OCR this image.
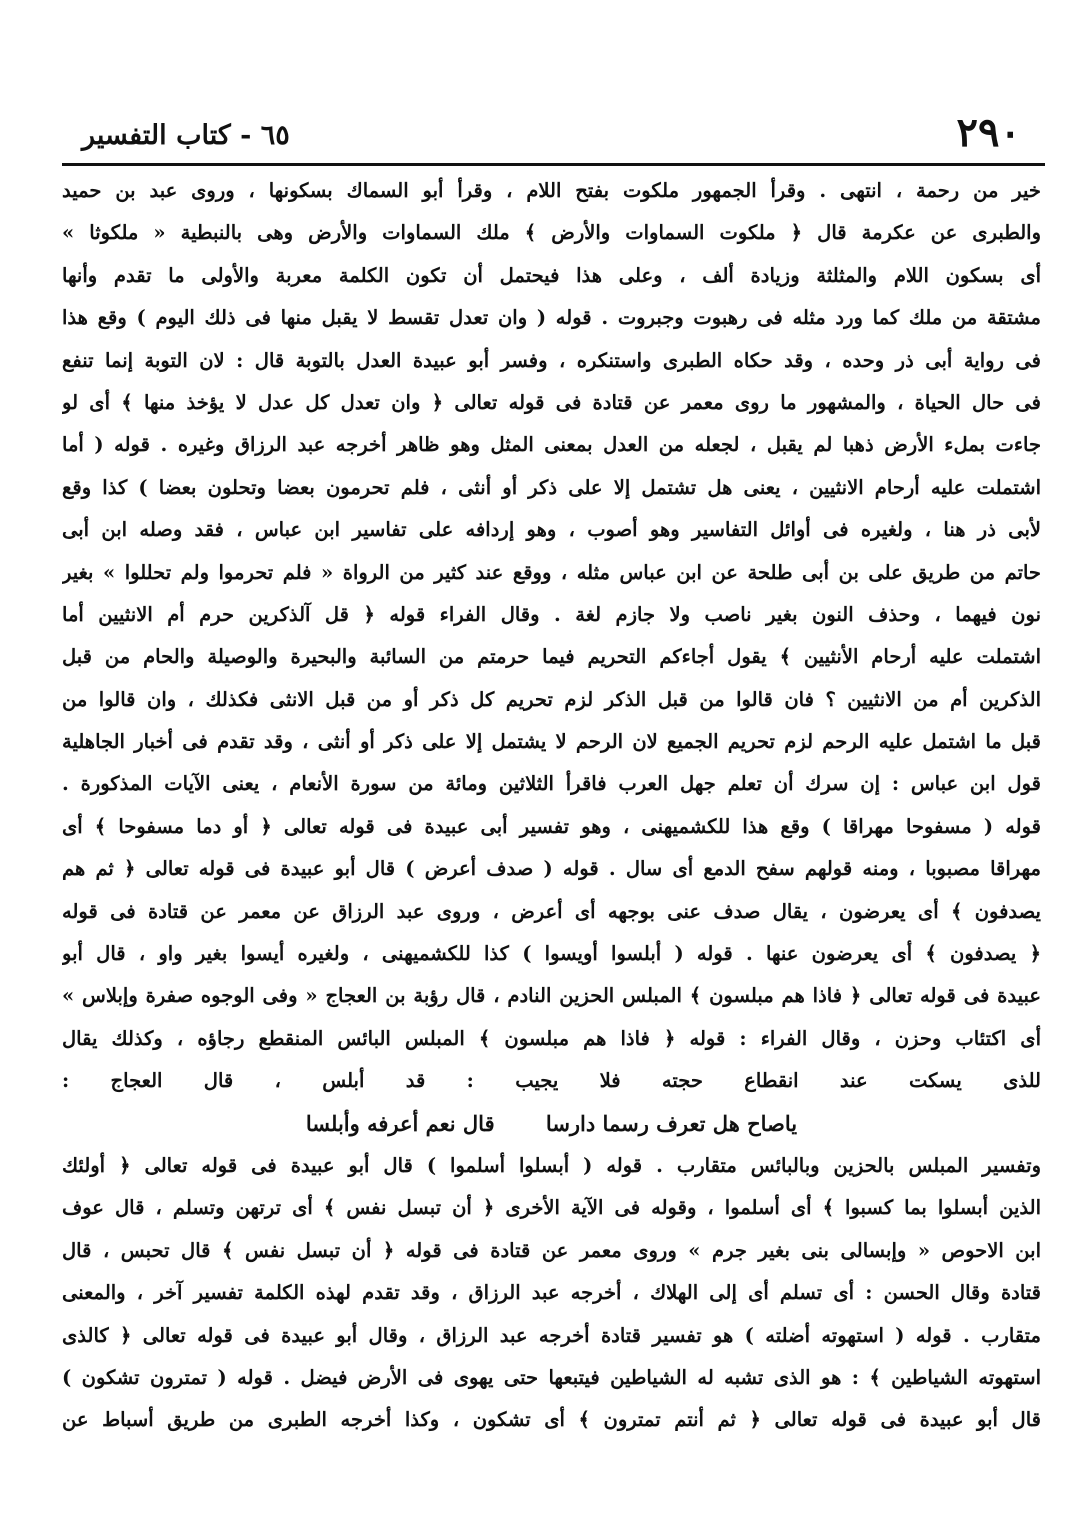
٢٩٠
٦٥ - كتاب التفسير
خير من رحمة ، انتهى . وقرأ الجمهور ملكوت بفتح اللام ، وقرأ أبو السماك بسكونها ، وروى عبد بن حميد
والطبرى عن عكرمة قال ﴿ ملكوت السماوات والأرض ﴾ ملك السماوات والأرض وهى بالنبطية « ملكوثا »
أى بسكون اللام والمثلثة وزيادة ألف ، وعلى هذا فيحتمل أن تكون الكلمة معربة والأولى ما تقدم وأنها
مشتقة من ملك كما ورد مثله فى رهبوت وجبروت . قوله ( وان تعدل تقسط لا يقبل منها فى ذلك اليوم ) وقع هذا
فى رواية أبى ذر وحده ، وقد حكاه الطبرى واستنكره ، وفسر أبو عبيدة العدل بالتوبة قال : لان التوبة إنما تنفع
فى حال الحياة ، والمشهور ما روى معمر عن قتادة فى قوله تعالى ﴿ وان تعدل كل عدل لا يؤخذ منها ﴾ أى لو
جاءت بملء الأرض ذهبا لم يقبل ، لجعله من العدل بمعنى المثل وهو ظاهر أخرجه عبد الرزاق وغيره . قوله ( أما
اشتملت عليه أرحام الانثيين ، يعنى هل تشتمل إلا على ذكر أو أنثى ، فلم تحرمون بعضا وتحلون بعضا ) كذا وقع
لأبى ذر هنا ، ولغيره فى أوائل التفاسير وهو أصوب ، وهو إردافه على تفاسير ابن عباس ، فقد وصله ابن أبى
حاتم من طريق على بن أبى طلحة عن ابن عباس مثله ، ووقع عند كثير من الرواة « فلم تحرموا ولم تحللوا » بغير
نون فيهما ، وحذف النون بغير ناصب ولا جازم لغة . وقال الفراء قوله ﴿ قل آلذكرين حرم أم الانثيين أما
اشتملت عليه أرحام الأنثيين ﴾ يقول أجاءكم التحريم فيما حرمتم من السائبة والبحيرة والوصيلة والحام من قبل
الذكرين أم من الانثيين ؟ فان قالوا من قبل الذكر لزم تحريم كل ذكر أو من قبل الانثى فكذلك ، وان قالوا من
قبل ما اشتمل عليه الرحم لزم تحريم الجميع لان الرحم لا يشتمل إلا على ذكر أو أنثى ، وقد تقدم فى أخبار الجاهلية
قول ابن عباس : إن سرك أن تعلم جهل العرب فاقرأ الثلاثين ومائة من سورة الأنعام ، يعنى الآيات المذكورة .
قوله ( مسفوحا مهراقا ) وقع هذا للكشميهنى ، وهو تفسير أبى عبيدة فى قوله تعالى ﴿ أو دما مسفوحا ﴾ أى
مهراقا مصبوبا ، ومنه قولهم سفح الدمع أى سال . قوله ( صدف أعرض ) قال أبو عبيدة فى قوله تعالى ﴿ ثم هم
يصدفون ﴾ أى يعرضون ، يقال صدف عنى بوجهه أى أعرض ، وروى عبد الرزاق عن معمر عن قتادة فى قوله
﴿ يصدفون ﴾ أى يعرضون عنها . قوله ( أبلسوا أويسوا ) كذا للكشميهنى ، ولغيره أيسوا بغير واو ، قال أبو
عبيدة فى قوله تعالى ﴿ فاذا هم مبلسون ﴾ المبلس الحزين النادم ، قال رؤبة بن العجاج « وفى الوجوه صفرة وإبلاس »
أى اكتئاب وحزن ، وقال الفراء : قوله ﴿ فاذا هم مبلسون ﴾ المبلس البائس المنقطع رجاؤه ، وكذلك يقال
للذى يسكت عند انقطاع حجته فلا يجيب : قد أبلس ، قال العجاج :
ياصاح هل تعرف رسما دارسا قال نعم أعرفه وأبلسا
وتفسير المبلس بالحزين وبالبائس متقارب . قوله ( أبسلوا أسلموا ) قال أبو عبيدة فى قوله تعالى ﴿ أولئك
الذين أبسلوا بما كسبوا ﴾ أى أسلموا ، وقوله فى الآية الأخرى ﴿ أن تبسل نفس ﴾ أى ترتهن وتسلم ، قال عوف
ابن الاحوص « وإبسالى بنى بغير جرم » وروى معمر عن قتادة فى قوله ﴿ أن تبسل نفس ﴾ قال تحبس ، قال
قتادة وقال الحسن : أى تسلم أى إلى الهلاك ، أخرجه عبد الرزاق ، وقد تقدم لهذه الكلمة تفسير آخر ، والمعنى
متقارب . قوله ( استهوته أضلته ) هو تفسير قتادة أخرجه عبد الرزاق ، وقال أبو عبيدة فى قوله تعالى ﴿ كالذى
استهوته الشياطين ﴾ : هو الذى تشبه له الشياطين فيتبعها حتى يهوى فى الأرض فيضل . قوله ( تمترون تشكون )
قال أبو عبيدة فى قوله تعالى ﴿ ثم أنتم تمترون ﴾ أى تشكون ، وكذا أخرجه الطبرى من طريق أسباط عن
